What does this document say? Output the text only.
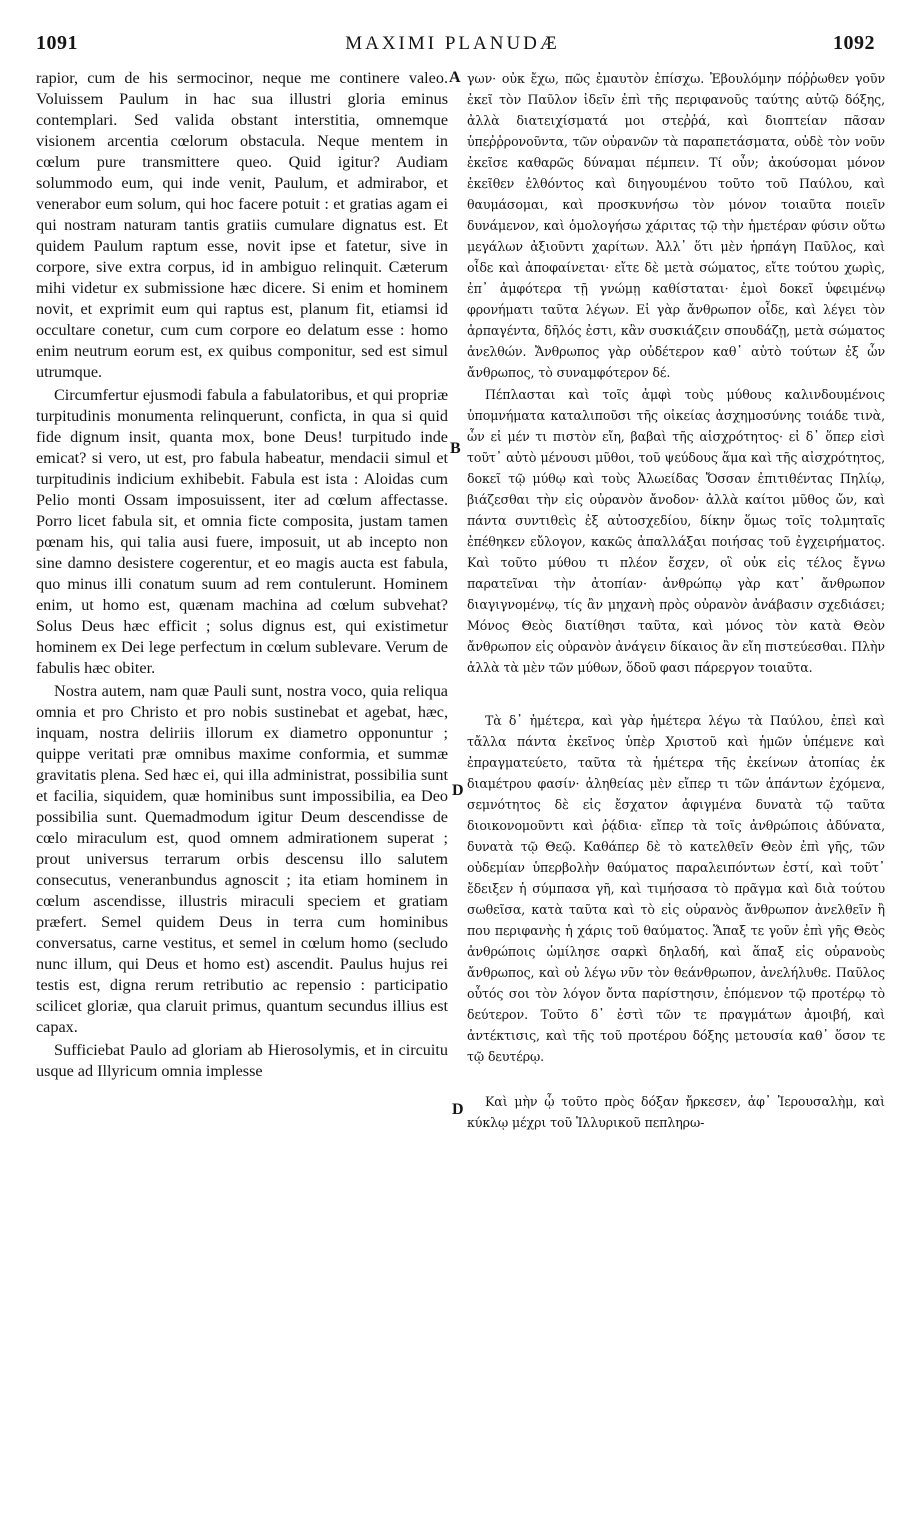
1091	MAXIMI PLANUDÆ	1092

rapior, cum de his sermocinor, neque me continere valeo. Voluissem Paulum in hac sua illustri gloria eminus contemplari. Sed valida obstant interstitia, omnemque visionem arcentia cœlorum obstacula. Neque mentem in cœlum pure transmittere queo. Quid igitur? Audiam solummodo eum, qui inde venit, Paulum, et admirabor, et venerabor eum solum, qui hoc facere potuit : et gratias agam ei qui nostram naturam tantis gratiis cumulare dignatus est. Et quidem Paulum raptum esse, novit ipse et fatetur, sive in corpore, sive extra corpus, id in ambiguo relinquit. Cæterum mihi videtur ex submissione hæc dicere. Si enim et hominem novit, et exprimit eum qui raptus est, planum fit, etiamsi id occultare conetur, cum cum corpore eo delatum esse : homo enim neutrum eorum est, ex quibus componitur, sed est simul utrumque.

Circumfertur ejusmodi fabula a fabulatoribus, et qui propriæ turpitudinis monumenta relinquerunt, conficta, in qua si quid fide dignum insit, quanta mox, bone Deus! turpitudo inde emicat? si vero, ut est, pro fabula habeatur, mendacii simul et turpitudinis indicium exhibebit. Fabula est ista : Aloidas cum Pelio monti Ossam imposuissent, iter ad cœlum affectasse. Porro licet fabula sit, et omnia ficte composita, justam tamen pœnam his, qui talia ausi fuere, imposuit, ut ab incepto non sine damno desistere cogerentur, et eo magis aucta est fabula, quo minus illi conatum suum ad rem contulerunt. Hominem enim, ut homo est, quænam machina ad cœlum subvehat? Solus Deus hæc efficit ; solus dignus est, qui existimetur hominem ex Dei lege perfectum in cœlum sublevare. Verum de fabulis hæc obiter.

Nostra autem, nam quæ Pauli sunt, nostra voco, quia reliqua omnia et pro Christo et pro nobis sustinebat et agebat, hæc, inquam, nostra deliriis illorum ex diametro opponuntur ; quippe veritati præ omnibus maxime conformia, et summæ gravitatis plena. Sed hæc ei, qui illa administrat, possibilia sunt et facilia, siquidem, quæ hominibus sunt impossibilia, ea Deo possibilia sunt. Quemadmodum igitur Deum descendisse de cœlo miraculum est, quod omnem admirationem superat ; prout universus terrarum orbis descensu illo salutem consecutus, veneranbundus agnoscit ; ita etiam hominem in cœlum ascendisse, illustris miraculi speciem et gratiam præfert. Semel quidem Deus in terra cum hominibus conversatus, carne vestitus, et semel in cœlum homo (secludo nunc illum, qui Deus et homo est) ascendit. Paulus hujus rei testis est, digna rerum retributio ac repensio : participatio scilicet gloriæ, qua claruit primus, quantum secundus illius est capax.

Sufficiebat Paulo ad gloriam ab Hierosolymis, et in circuitu usque ad Illyricum omnia implesse

A
B
D
D

γων· οὐκ ἔχω, πῶς ἐμαυτὸν ἐπίσχω. Ἐβουλόμην πόῤῥωθεν γοῦν ἐκεῖ τὸν Παῦλον ἰδεῖν ἐπὶ τῆς περιφανοῦς ταύτης αὐτῷ δόξης, ἀλλὰ διατειχίσματά μοι στεῤῥά, καὶ διοπτείαν πᾶσαν ὑπεῤῥρονοῦντα, τῶν οὐρανῶν τὰ παραπετάσματα, οὐδὲ τὸν νοῦν ἐκεῖσε καθαρῶς δύναμαι πέμπειν. Τί οὖν; ἀκούσομαι μόνον ἐκεῖθεν ἐλθόντος καὶ διηγουμένου τοῦτο τοῦ Παύλου, καὶ θαυμάσομαι, καὶ προσκυνήσω τὸν μόνον τοιαῦτα ποιεῖν δυνάμενον, καὶ ὁμολογήσω χάριτας τῷ τὴν ἡμετέραν φύσιν οὕτω μεγάλων ἀξιοῦντι χαρίτων. Ἀλλ᾽ ὅτι μὲν ἡρπάγη Παῦλος, καὶ οἶδε καὶ ἀποφαίνεται· εἴτε δὲ μετὰ σώματος, εἴτε τούτου χωρὶς, ἐπ᾽ ἀμφότερα τῇ γνώμῃ καθίσταται· ἐμοὶ δοκεῖ ὑφειμένῳ φρονήματι ταῦτα λέγων. Εἰ γὰρ ἄνθρωπον οἶδε, καὶ λέγει τὸν ἁρπαγέντα, δῆλός ἐστι, κἂν συσκιάζειν σπουδάζῃ, μετὰ σώματος ἀνελθών. Ἄνθρωπος γὰρ οὐδέτερον καθ᾽ αὑτὸ τούτων ἐξ ὧν ἄνθρωπος, τὸ συναμφότερον δέ.

Πέπλασται καὶ τοῖς ἀμφὶ τοὺς μύθους καλινδουμένοις ὑπομνήματα καταλιποῦσι τῆς οἰκείας ἀσχημοσύνης τοιάδε τινὰ, ὧν εἰ μέν τι πιστὸν εἴη, βαβαὶ τῆς αἰσχρότητος· εἰ δ᾽ ὅπερ εἰσὶ τοῦτ᾽ αὐτὸ μένουσι μῦθοι, τοῦ ψεύδους ἅμα καὶ τῆς αἰσχρότητος, δοκεῖ τῷ μύθῳ καὶ τοὺς Ἀλωείδας Ὄσσαν ἐπιτιθέντας Πηλίῳ, βιάζεσθαι τὴν εἰς οὐρανὸν ἄνοδον· ἀλλὰ καίτοι μῦθος ὤν, καὶ πάντα συντιθεὶς ἐξ αὐτοσχεδίου, δίκην ὅμως τοῖς τολμηταῖς ἐπέθηκεν εὔλογον, κακῶς ἀπαλλάξαι ποιήσας τοῦ ἐγχειρήματος. Καὶ τοῦτο μύθου τι πλέον ἔσχεν, οἳ οὐκ εἰς τέλος ἔγνω παρατεῖναι τὴν ἀτοπίαν· ἀνθρώπῳ γὰρ κατ᾽ ἄνθρωπον διαγιγνομένῳ, τίς ἂν μηχανὴ πρὸς οὐρανὸν ἀνάβασιν σχεδιάσει; Μόνος Θεὸς διατίθησι ταῦτα, καὶ μόνος τὸν κατὰ Θεὸν ἄνθρωπον εἰς οὐρανὸν ἀνάγειν δίκαιος ἂν εἴη πιστεύεσθαι. Πλὴν ἀλλὰ τὰ μὲν τῶν μύθων, ὅδοῦ φασι πάρεργον τοιαῦτα.

Τὰ δ᾽ ἡμέτερα, καὶ γὰρ ἡμέτερα λέγω τὰ Παύλου, ἐπεὶ καὶ τἄλλα πάντα ἐκεῖνος ὑπὲρ Χριστοῦ καὶ ἡμῶν ὑπέμενε καὶ ἐπραγματεύετο, ταῦτα τὰ ἡμέτερα τῆς ἐκείνων ἀτοπίας ἐκ διαμέτρου φασίν· ἀληθείας μὲν εἴπερ τι τῶν ἁπάντων ἐχόμενα, σεμνότητος δὲ εἰς ἔσχατον ἀφιγμένα δυνατὰ τῷ ταῦτα διοικονομοῦντι καὶ ῥᾴδια· εἴπερ τὰ τοῖς ἀνθρώποις ἀδύνατα, δυνατὰ τῷ Θεῷ. Καθάπερ δὲ τὸ κατελθεῖν Θεὸν ἐπὶ γῆς, τῶν οὐδεμίαν ὑπερβολὴν θαύματος παραλειπόντων ἐστί, καὶ τοῦτ᾽ ἔδειξεν ἡ σύμπασα γῆ, καὶ τιμήσασα τὸ πρᾶγμα καὶ διὰ τούτου σωθεῖσα, κατὰ ταῦτα καὶ τὸ εἰς οὐρανὸς ἄνθρωπον ἀνελθεῖν ἢ που περιφανὴς ἡ χάρις τοῦ θαύματος. Ἅπαξ τε γοῦν ἐπὶ γῆς Θεὸς ἀνθρώποις ὡμίλησε σαρκὶ δηλαδή, καὶ ἅπαξ εἰς οὐρανοὺς ἄνθρωπος, καὶ οὐ λέγω νῦν τὸν θεάνθρωπον, ἀνελήλυθε. Παῦλος οὗτός σοι τὸν λόγον ὄντα παρίστησιν, ἑπόμενον τῷ προτέρῳ τὸ δεύτερον. Τοῦτο δ᾽ ἐστὶ τῶν τε πραγμάτων ἀμοιβή, καὶ ἀντέκτισις, καὶ τῆς τοῦ προτέρου δόξης μετουσία καθ᾽ ὅσον τε τῷ δευτέρῳ.

Καὶ μὴν ᾧ τοῦτο πρὸς δόξαν ἤρκεσεν, ἀφ᾽ Ἱερουσαλὴμ, καὶ κύκλῳ μέχρι τοῦ Ἰλλυρικοῦ πεπληρω-
